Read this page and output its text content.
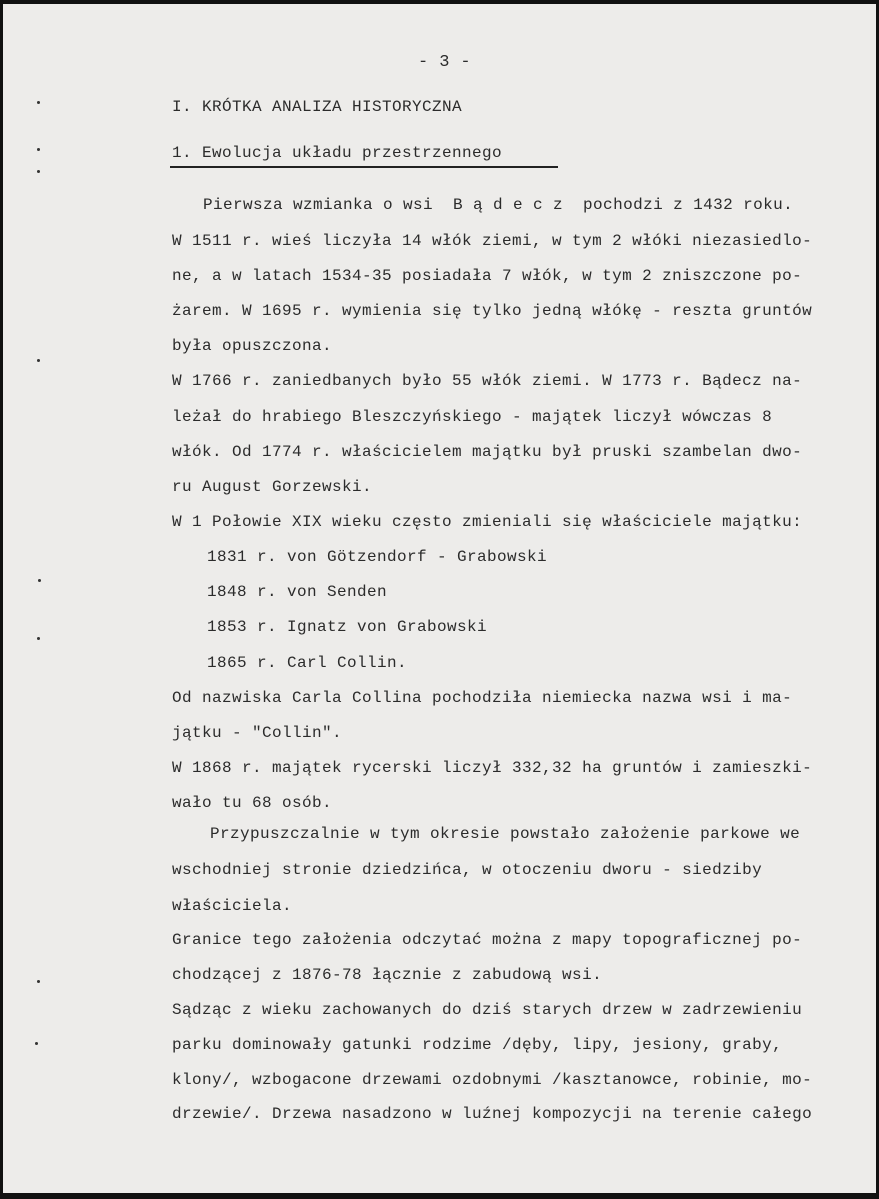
- 3 -
I. KRÓTKA ANALIZA HISTORYCZNA
1. Ewolucja układu przestrzennego
Pierwsza wzmianka o wsi  B ą d e c z  pochodzi z 1432 roku.
W 1511 r. wieś liczyła 14 włók ziemi, w tym 2 włóki niezasiedlo-
ne, a w latach 1534-35 posiadała 7 włók, w tym 2 zniszczone po-
żarem. W 1695 r. wymienia się tylko jedną włókę - reszta gruntów
była opuszczona.
W 1766 r. zaniedbanych było 55 włók ziemi. W 1773 r. Bądecz na-
leżał do hrabiego Bleszczyńskiego - majątek liczył wówczas 8
włók. Od 1774 r. właścicielem majątku był pruski szambelan dwo-
ru August Gorzewski.
W 1 Połowie XIX wieku często zmieniali się właściciele majątku:
1831 r. von Götzendorf - Grabowski
1848 r. von Senden
1853 r. Ignatz von Grabowski
1865 r. Carl Collin.
Od nazwiska Carla Collina pochodziła niemiecka nazwa wsi i ma-
jątku - "Collin".
W 1868 r. majątek rycerski liczył 332,32 ha gruntów i zamieszki-
wało tu 68 osób.
Przypuszczalnie w tym okresie powstało założenie parkowe we
wschodniej stronie dziedzińca, w otoczeniu dworu - siedziby
właściciela.
Granice tego założenia odczytać można z mapy topograficznej po-
chodzącej z 1876-78 łącznie z zabudową wsi.
Sądząc z wieku zachowanych do dziś starych drzew w zadrzewieniu
parku dominowały gatunki rodzime /dęby, lipy, jesiony, graby,
klony/, wzbogacone drzewami ozdobnymi /kasztanowce, robinie, mo-
drzewie/. Drzewa nasadzono w luźnej kompozycji na terenie całego
